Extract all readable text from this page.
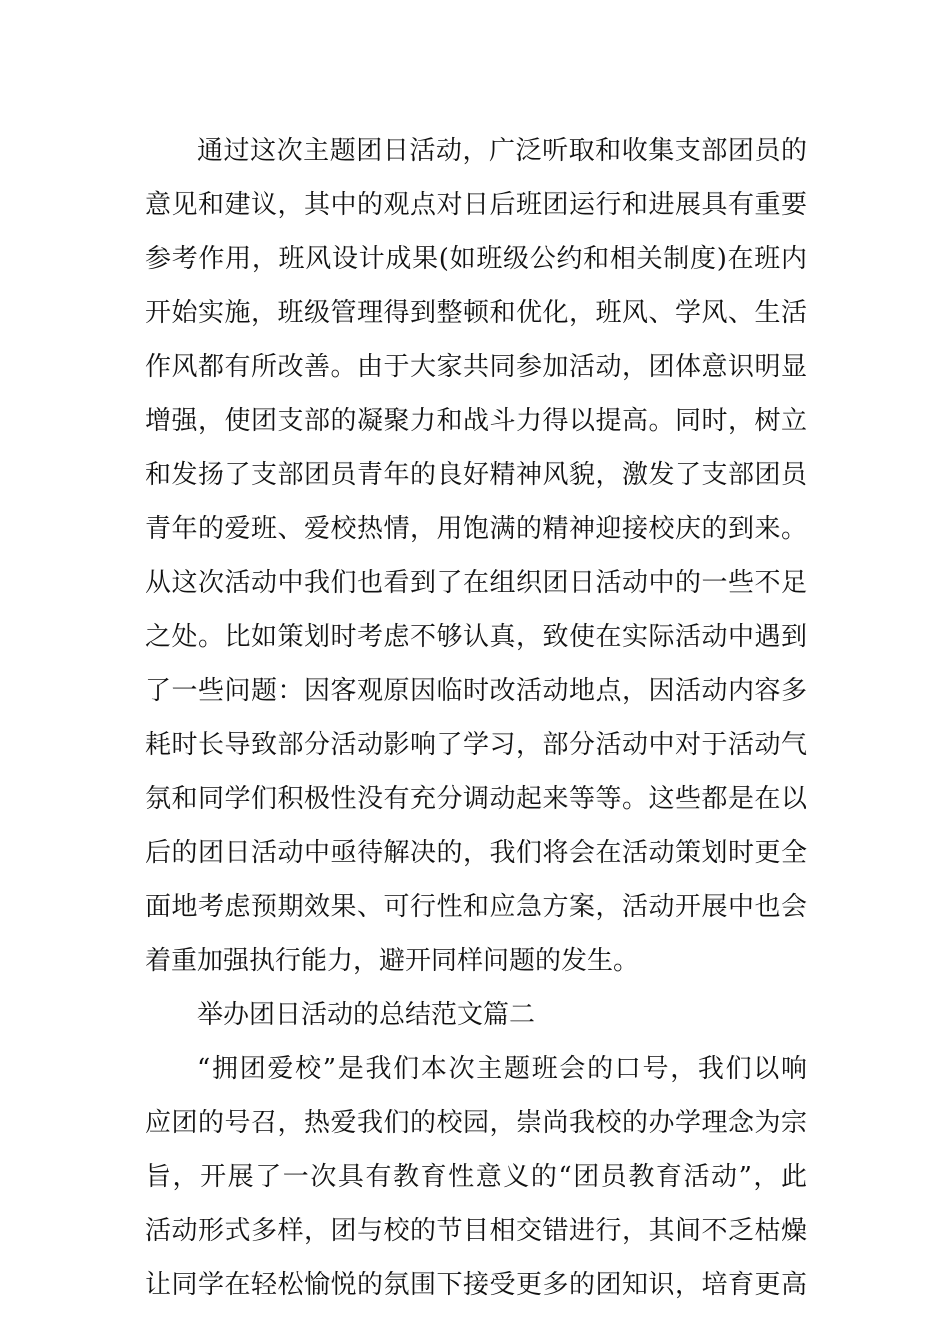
通过这次主题团日活动，广泛听取和收集支部团员的
意见和建议，其中的观点对日后班团运行和进展具有重要
参考作用，班风设计成果(如班级公约和相关制度)在班内
开始实施，班级管理得到整顿和优化，班风、学风、生活
作风都有所改善。由于大家共同参加活动，团体意识明显
增强，使团支部的凝聚力和战斗力得以提高。同时，树立
和发扬了支部团员青年的良好精神风貌，激发了支部团员
青年的爱班、爱校热情，用饱满的精神迎接校庆的到来。
从这次活动中我们也看到了在组织团日活动中的一些不足
之处。比如策划时考虑不够认真，致使在实际活动中遇到
了一些问题：因客观原因临时改活动地点，因活动内容多
耗时长导致部分活动影响了学习，部分活动中对于活动气
氛和同学们积极性没有充分调动起来等等。这些都是在以
后的团日活动中亟待解决的，我们将会在活动策划时更全
面地考虑预期效果、可行性和应急方案，活动开展中也会
着重加强执行能力，避开同样问题的发生。
举办团日活动的总结范文篇二
“拥团爱校”是我们本次主题班会的口号，我们以响
应团的号召，热爱我们的校园，崇尚我校的办学理念为宗
旨，开展了一次具有教育性意义的“团员教育活动”，此
活动形式多样，团与校的节目相交错进行，其间不乏枯燥
让同学在轻松愉悦的氛围下接受更多的团知识，培育更高
